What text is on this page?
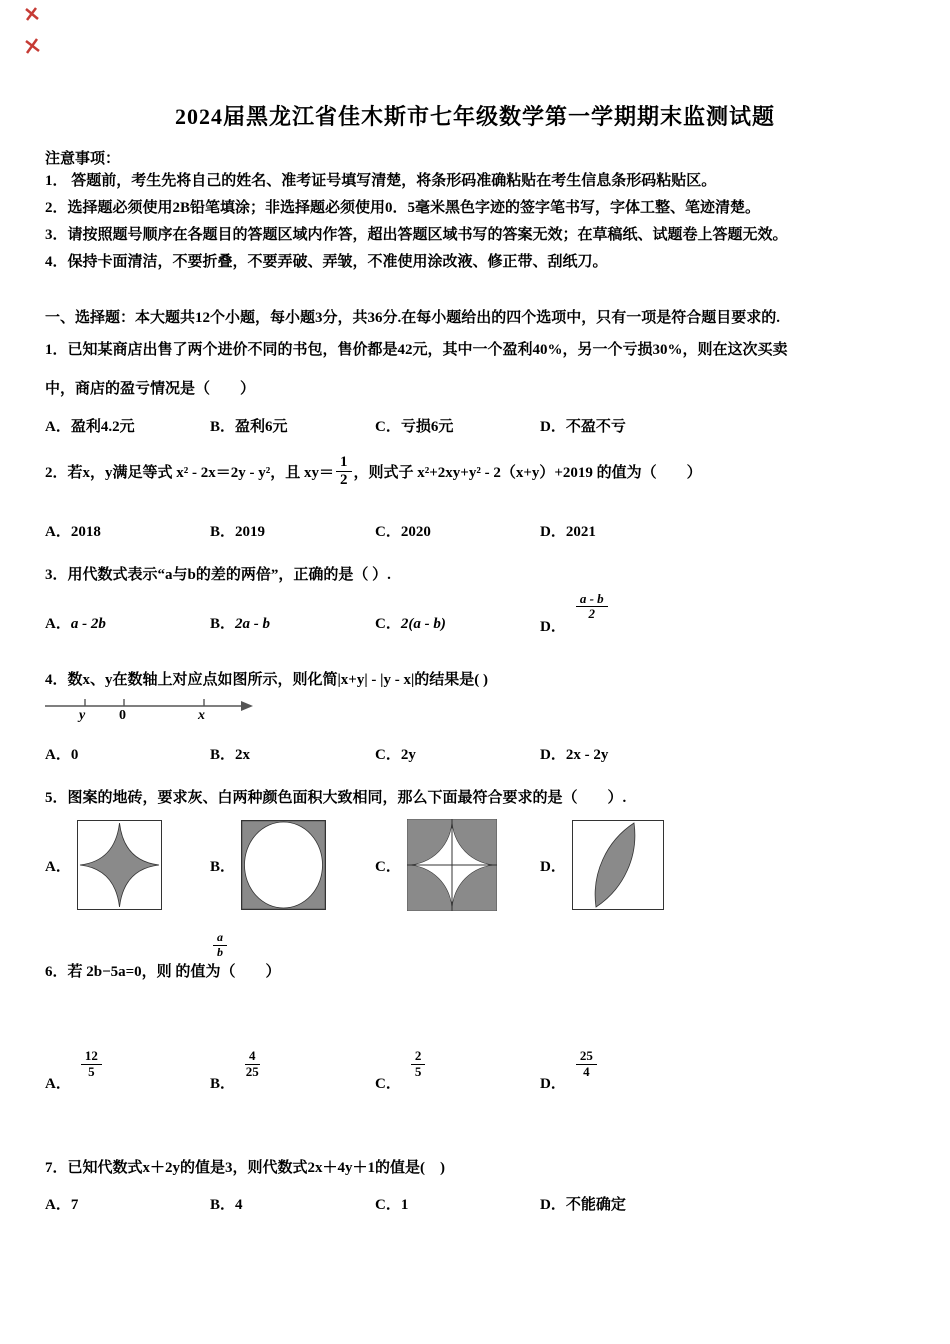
2024届黑龙江省佳木斯市七年级数学第一学期期末监测试题
注意事项：
1． 答题前，考生先将自己的姓名、准考证号填写清楚，将条形码准确粘贴在考生信息条形码粘贴区。
2．选择题必须使用2B铅笔填涂；非选择题必须使用0．5毫米黑色字迹的签字笔书写，字体工整、笔迹清楚。
3．请按照题号顺序在各题目的答题区域内作答，超出答题区域书写的答案无效；在草稿纸、试题卷上答题无效。
4．保持卡面清洁，不要折叠，不要弄破、弄皱，不准使用涂改液、修正带、刮纸刀。
一、选择题：本大题共12个小题，每小题3分，共36分.在每小题给出的四个选项中，只有一项是符合题目要求的.
1．已知某商店出售了两个进价不同的书包，售价都是42元，其中一个盈利40%，另一个亏损30%，则在这次买卖
中，商店的盈亏情况是（　　）
A．盈利4.2元	B．盈利6元	C．亏损6元	D．不盈不亏
2．若x，y满足等式 x² - 2x＝2y - y²，且 $xy= \frac{1}{2}$ ，则式子 x²+2xy+y² - 2（x+y）+2019 的值为（　　）
A．2018	B．2019	C．2020	D．2021
3．用代数式表示“a与b的差的两倍”，正确的是（ ）.
A．a - 2b	B．2a - b	C．2(a - b)	D．
$\frac{a - b}{2}$
4．数x、y在数轴上对应点如图所示，则化简|x+y| - |y - x|的结果是( )
y 0	x
A．0	B．2x	C．2y	D．2x - 2y
5．图案的地砖，要求灰、白两种颜色面积大致相同，那么下面最符合要求的是（　　）.
A．	B．	C．	D．
a
b
6．若 2b−5a=0，则 的值为（　　）
A．
$\frac{12}{5}$
B．
$\frac{4}{25}$
C．
$\frac{2}{5}$
D．
$\frac{25}{4}$
7．已知代数式x＋2y的值是3，则代数式2x＋4y＋1的值是(　)
A．7	B．4	C．1	D．不能确定
